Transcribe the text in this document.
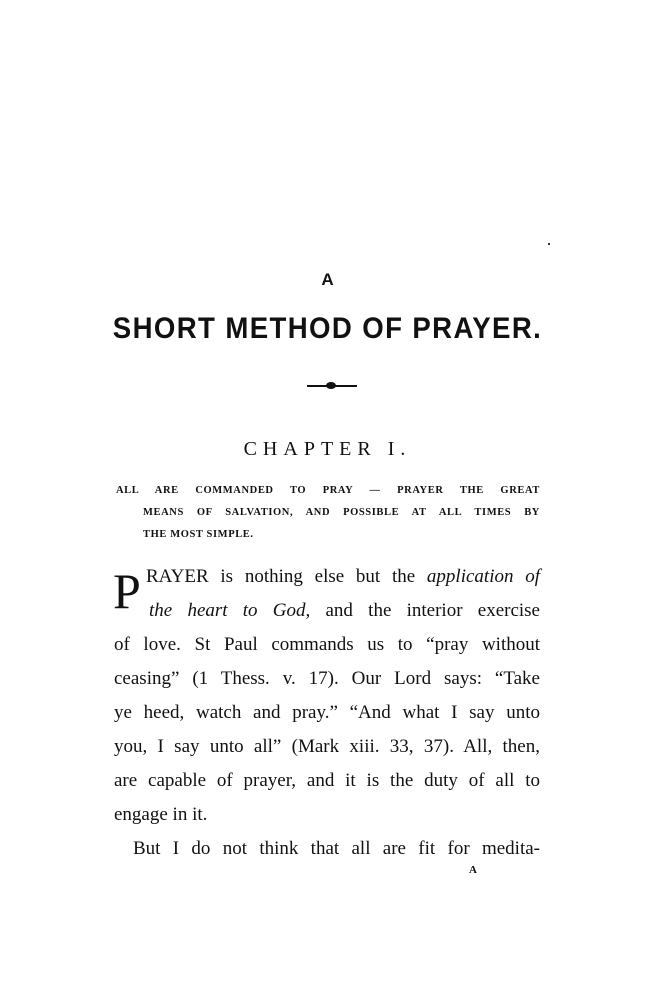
A
SHORT METHOD OF PRAYER.
CHAPTER I.
ALL ARE COMMANDED TO PRAY — PRAYER THE GREAT
MEANS OF SALVATION, AND POSSIBLE AT ALL TIMES BY
THE MOST SIMPLE.
P RAYER is nothing else but the application of
the heart to God, and the interior exercise
of love. St Paul commands us to “pray without
ceasing” (1 Thess. v. 17). Our Lord says: “Take
ye heed, watch and pray.” “And what I say unto
you, I say unto all” (Mark xiii. 33, 37). All, then,
are capable of prayer, and it is the duty of all to
engage in it.
But I do not think that all are fit for medita-
A
